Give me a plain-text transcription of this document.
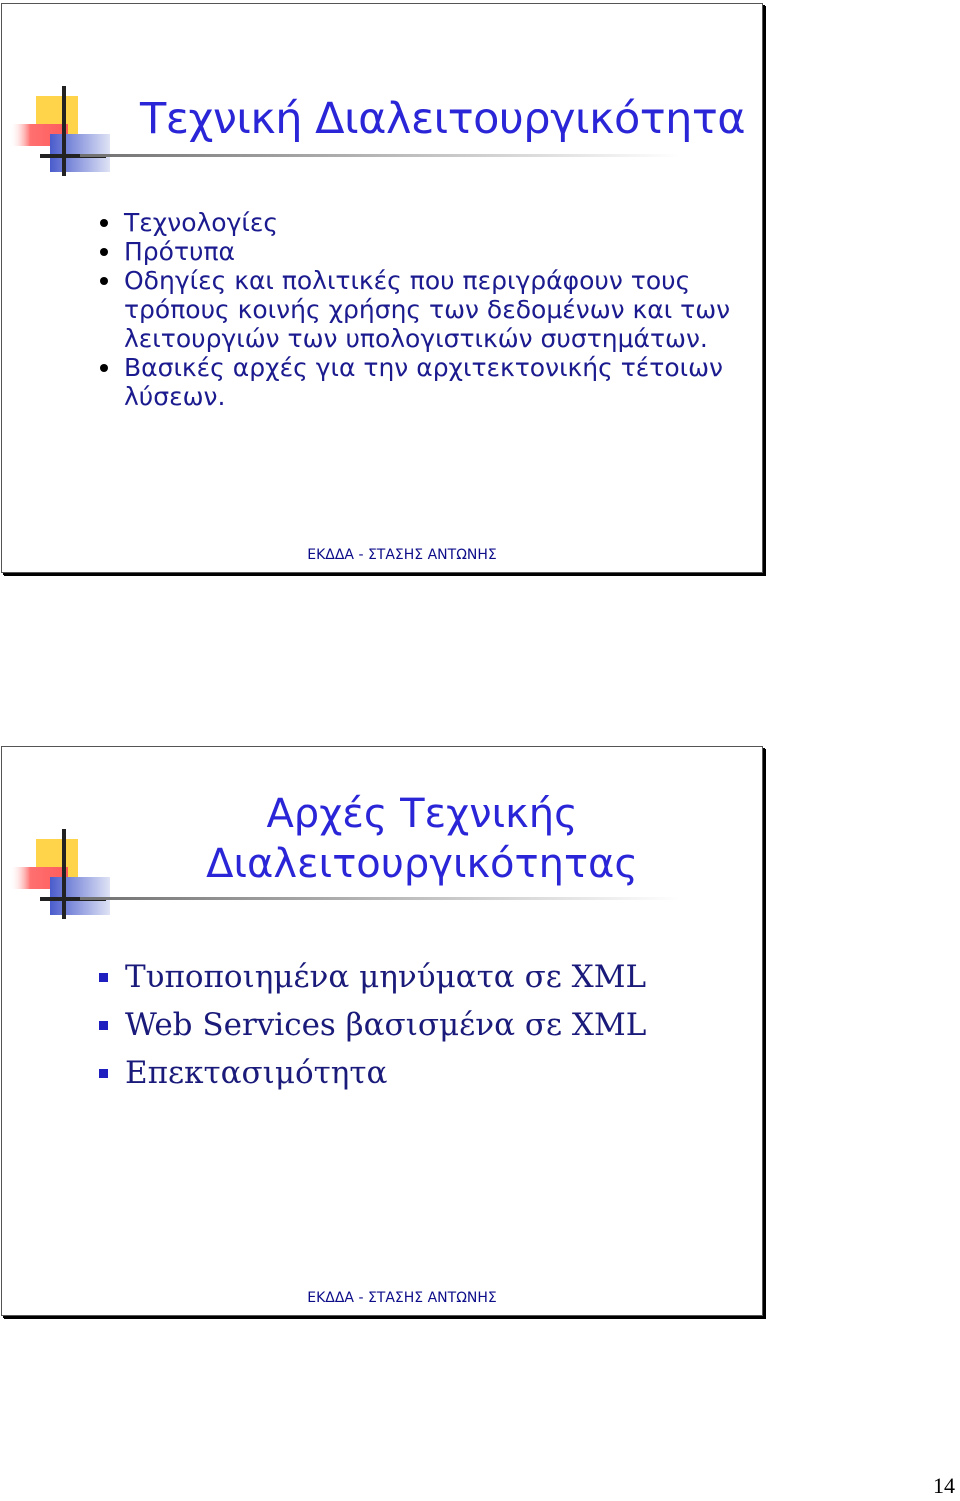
Τεχνική Διαλειτουργικότητα
Τεχνολογίες
Πρότυπα
Οδηγίες και πολιτικές που περιγράφουν τους τρόπους κοινής χρήσης των δεδομένων και των λειτουργιών των υπολογιστικών συστημάτων.
Βασικές αρχές για την αρχιτεκτονικής τέτοιων λύσεων.
ΕΚΔΔΑ - ΣΤΑΣΗΣ ΑΝΤΩΝΗΣ
Αρχές Τεχνικής Διαλειτουργικότητας
Τυποποιημένα μηνύματα σε XML
Web Services βασισμένα σε XML
Επεκτασιμότητα
ΕΚΔΔΑ - ΣΤΑΣΗΣ ΑΝΤΩΝΗΣ
14
